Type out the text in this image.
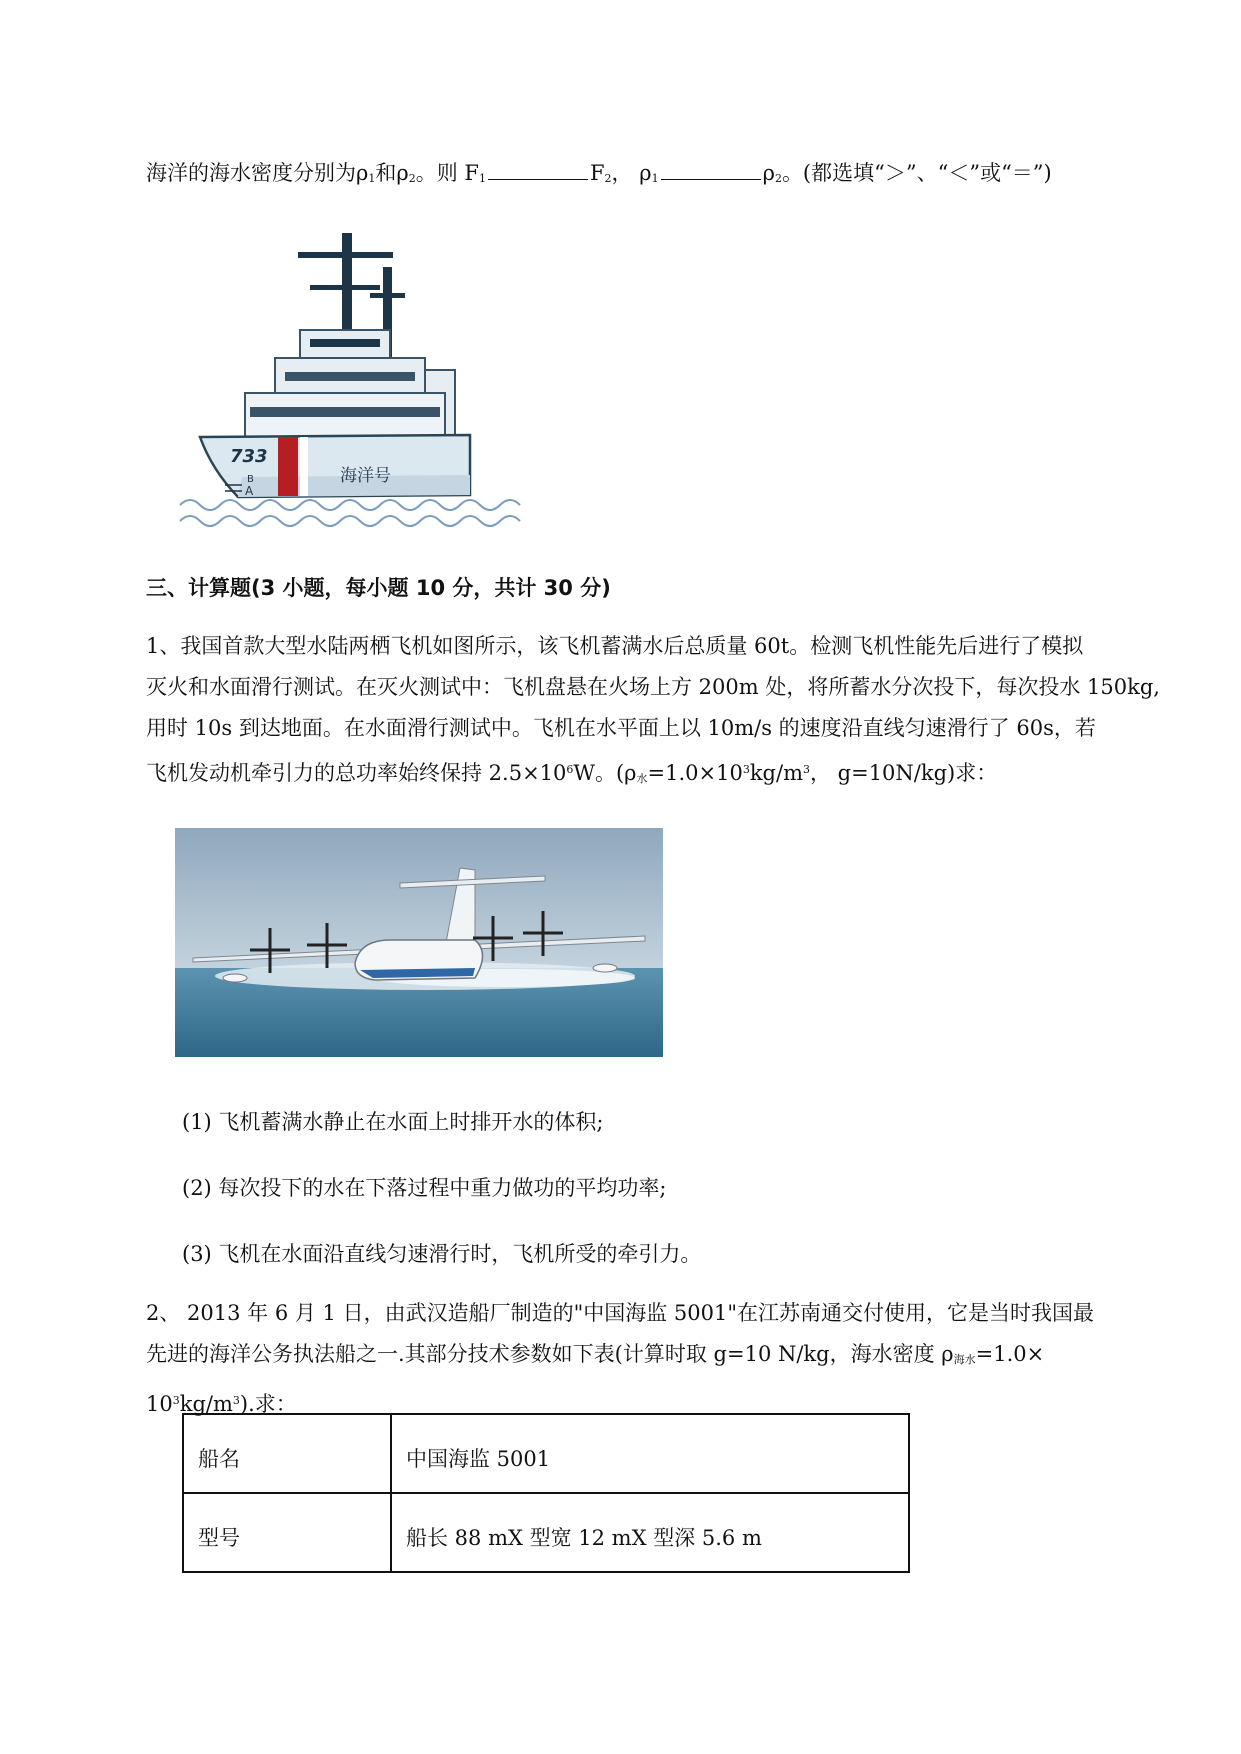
海洋的海水密度分别为$\rho_1$和$\rho_2$。则 $F_1$	$F_2$， $\rho_1$	$\rho_2$。(都选填“＞”、“＜”或“＝”)
733
海洋号
B
A
三、计算题(3 小题，每小题 10 分，共计 30 分)
1、我国首款大型水陆两栖飞机如图所示，该飞机蓄满水后总质量 60t。检测飞机性能先后进行了模拟
灭火和水面滑行测试。在灭火测试中：飞机盘悬在火场上方 200m 处，将所蓄水分次投下，每次投水 150kg,
用时 10s 到达地面。在水面滑行测试中。飞机在水平面上以 10m/s 的速度沿直线匀速滑行了 60s，若
飞机发动机牵引力的总功率始终保持 $2.5\times 10^6W$。($\rho_水=1.0\times 10^3kg/m^3$， g=10N/kg)求：
(1) 飞机蓄满水静止在水面上时排开水的体积;
(2) 每次投下的水在下落过程中重力做功的平均功率;
(3) 飞机在水面沿直线匀速滑行时，飞机所受的牵引力。
2、 2013 年 6 月 1 日，由武汉造船厂制造的"中国海监 5001"在江苏南通交付使用，它是当时我国最
先进的海洋公务执法船之一.其部分技术参数如下表(计算时取 g=10 N/kg，海水密度 $\rho_{海水}=1.0\times$
$10^3kg/m^3$).求：
船名	中国海监 5001
型号	船长 88 mX 型宽 12 mX 型深 5.6 m
